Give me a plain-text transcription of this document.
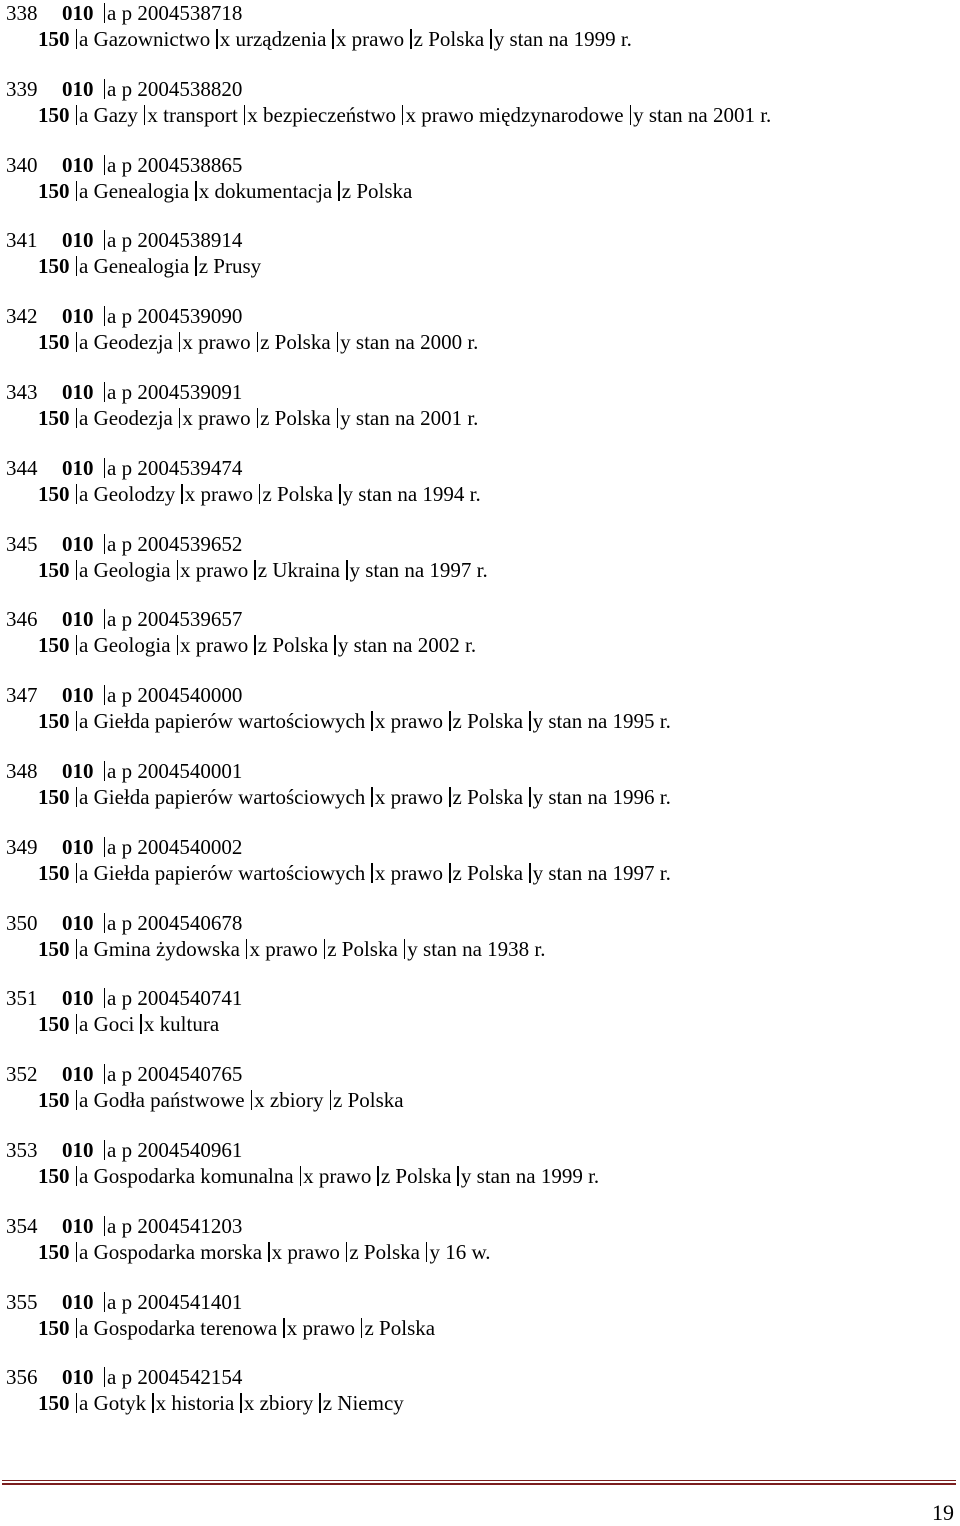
338 010 a p 2004538718
150 a Gazownictwo x urządzenia x prawo z Polska y stan na 1999 r.
339 010 a p 2004538820
150 a Gazy x transport x bezpieczeństwo x prawo międzynarodowe y stan na 2001 r.
340 010 a p 2004538865
150 a Genealogia x dokumentacja z Polska
341 010 a p 2004538914
150 a Genealogia z Prusy
342 010 a p 2004539090
150 a Geodezja x prawo z Polska y stan na 2000 r.
343 010 a p 2004539091
150 a Geodezja x prawo z Polska y stan na 2001 r.
344 010 a p 2004539474
150 a Geolodzy x prawo z Polska y stan na 1994 r.
345 010 a p 2004539652
150 a Geologia x prawo z Ukraina y stan na 1997 r.
346 010 a p 2004539657
150 a Geologia x prawo z Polska y stan na 2002 r.
347 010 a p 2004540000
150 a Giełda papierów wartościowych x prawo z Polska y stan na 1995 r.
348 010 a p 2004540001
150 a Giełda papierów wartościowych x prawo z Polska y stan na 1996 r.
349 010 a p 2004540002
150 a Giełda papierów wartościowych x prawo z Polska y stan na 1997 r.
350 010 a p 2004540678
150 a Gmina żydowska x prawo z Polska y stan na 1938 r.
351 010 a p 2004540741
150 a Goci x kultura
352 010 a p 2004540765
150 a Godła państwowe x zbiory z Polska
353 010 a p 2004540961
150 a Gospodarka komunalna x prawo z Polska y stan na 1999 r.
354 010 a p 2004541203
150 a Gospodarka morska x prawo z Polska y 16 w.
355 010 a p 2004541401
150 a Gospodarka terenowa x prawo z Polska
356 010 a p 2004542154
150 a Gotyk x historia x zbiory z Niemcy
19
